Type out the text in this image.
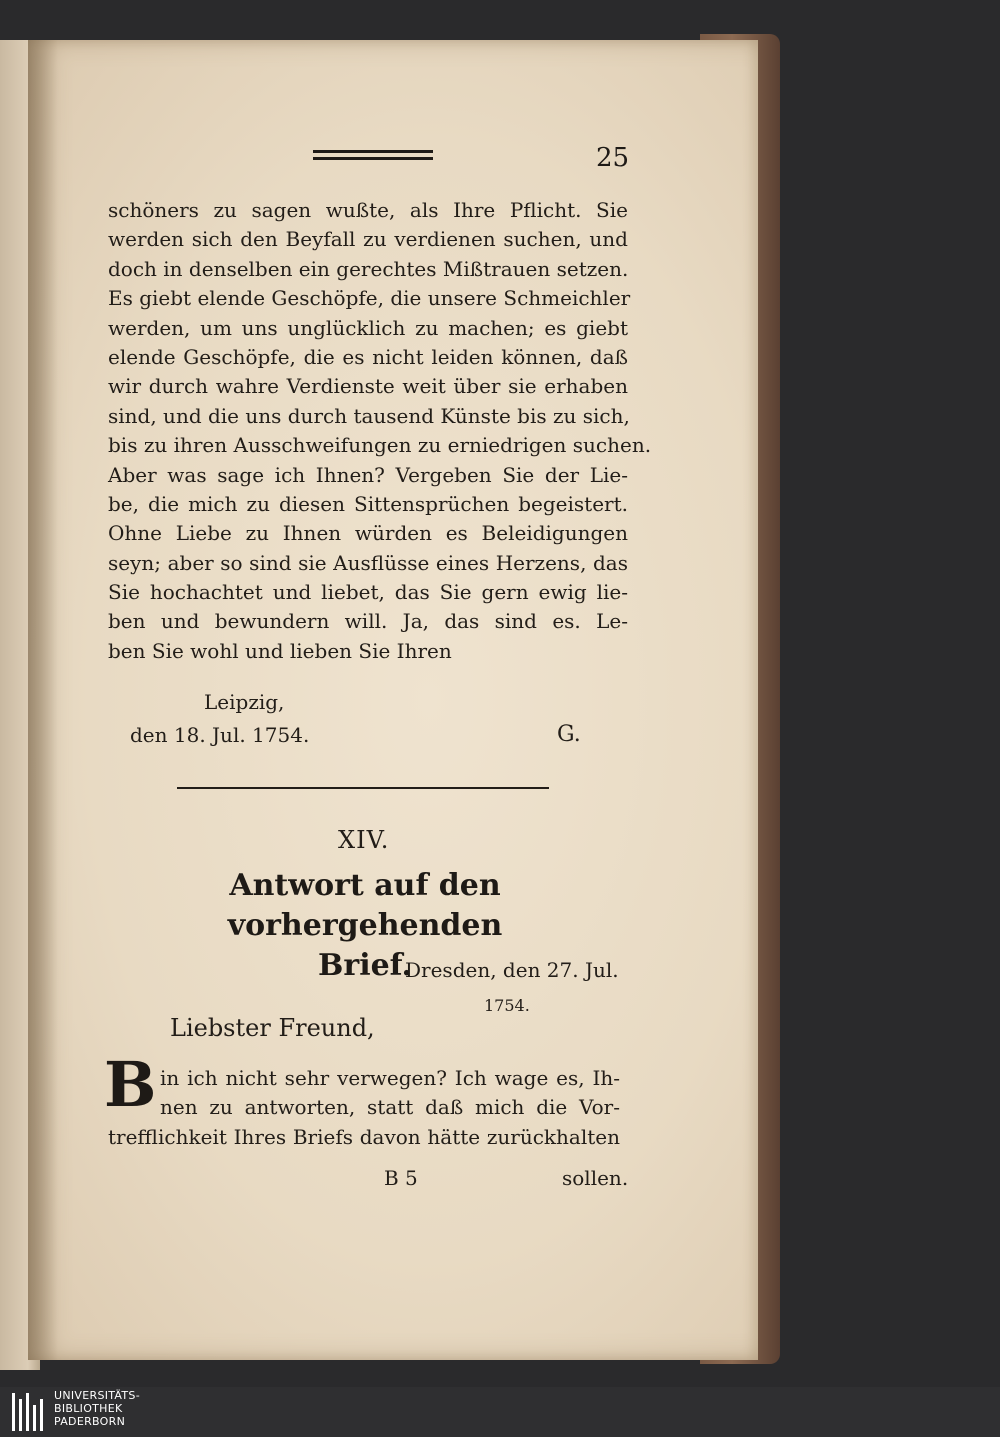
25
schöners zu sagen wußte, als Ihre Pflicht. Sie
werden sich den Beyfall zu verdienen suchen, und
doch in denselben ein gerechtes Mißtrauen setzen.
Es giebt elende Geschöpfe, die unsere Schmeichler
werden, um uns unglücklich zu machen; es giebt
elende Geschöpfe, die es nicht leiden können, daß
wir durch wahre Verdienste weit über sie erhaben
sind, und die uns durch tausend Künste bis zu sich,
bis zu ihren Ausschweifungen zu erniedrigen suchen.
Aber was sage ich Ihnen? Vergeben Sie der Lie-
be, die mich zu diesen Sittensprüchen begeistert.
Ohne Liebe zu Ihnen würden es Beleidigungen
seyn; aber so sind sie Ausflüsse eines Herzens, das
Sie hochachtet und liebet, das Sie gern ewig lie-
ben und bewundern will. Ja, das sind es. Le-
ben Sie wohl und lieben Sie Ihren
Leipzig,
den 18. Jul. 1754.	G.
XIV.
Antwort auf den vorhergehenden
Brief.
Dresden, den 27. Jul.
1754.
Liebster Freund,
B in ich nicht sehr verwegen? Ich wage es, Ih-
nen zu antworten, statt daß mich die Vor-
trefflichkeit Ihres Briefs davon hätte zurückhalten
B 5	sollen.
UNIVERSITÄTS-
BIBLIOTHEK
PADERBORN
